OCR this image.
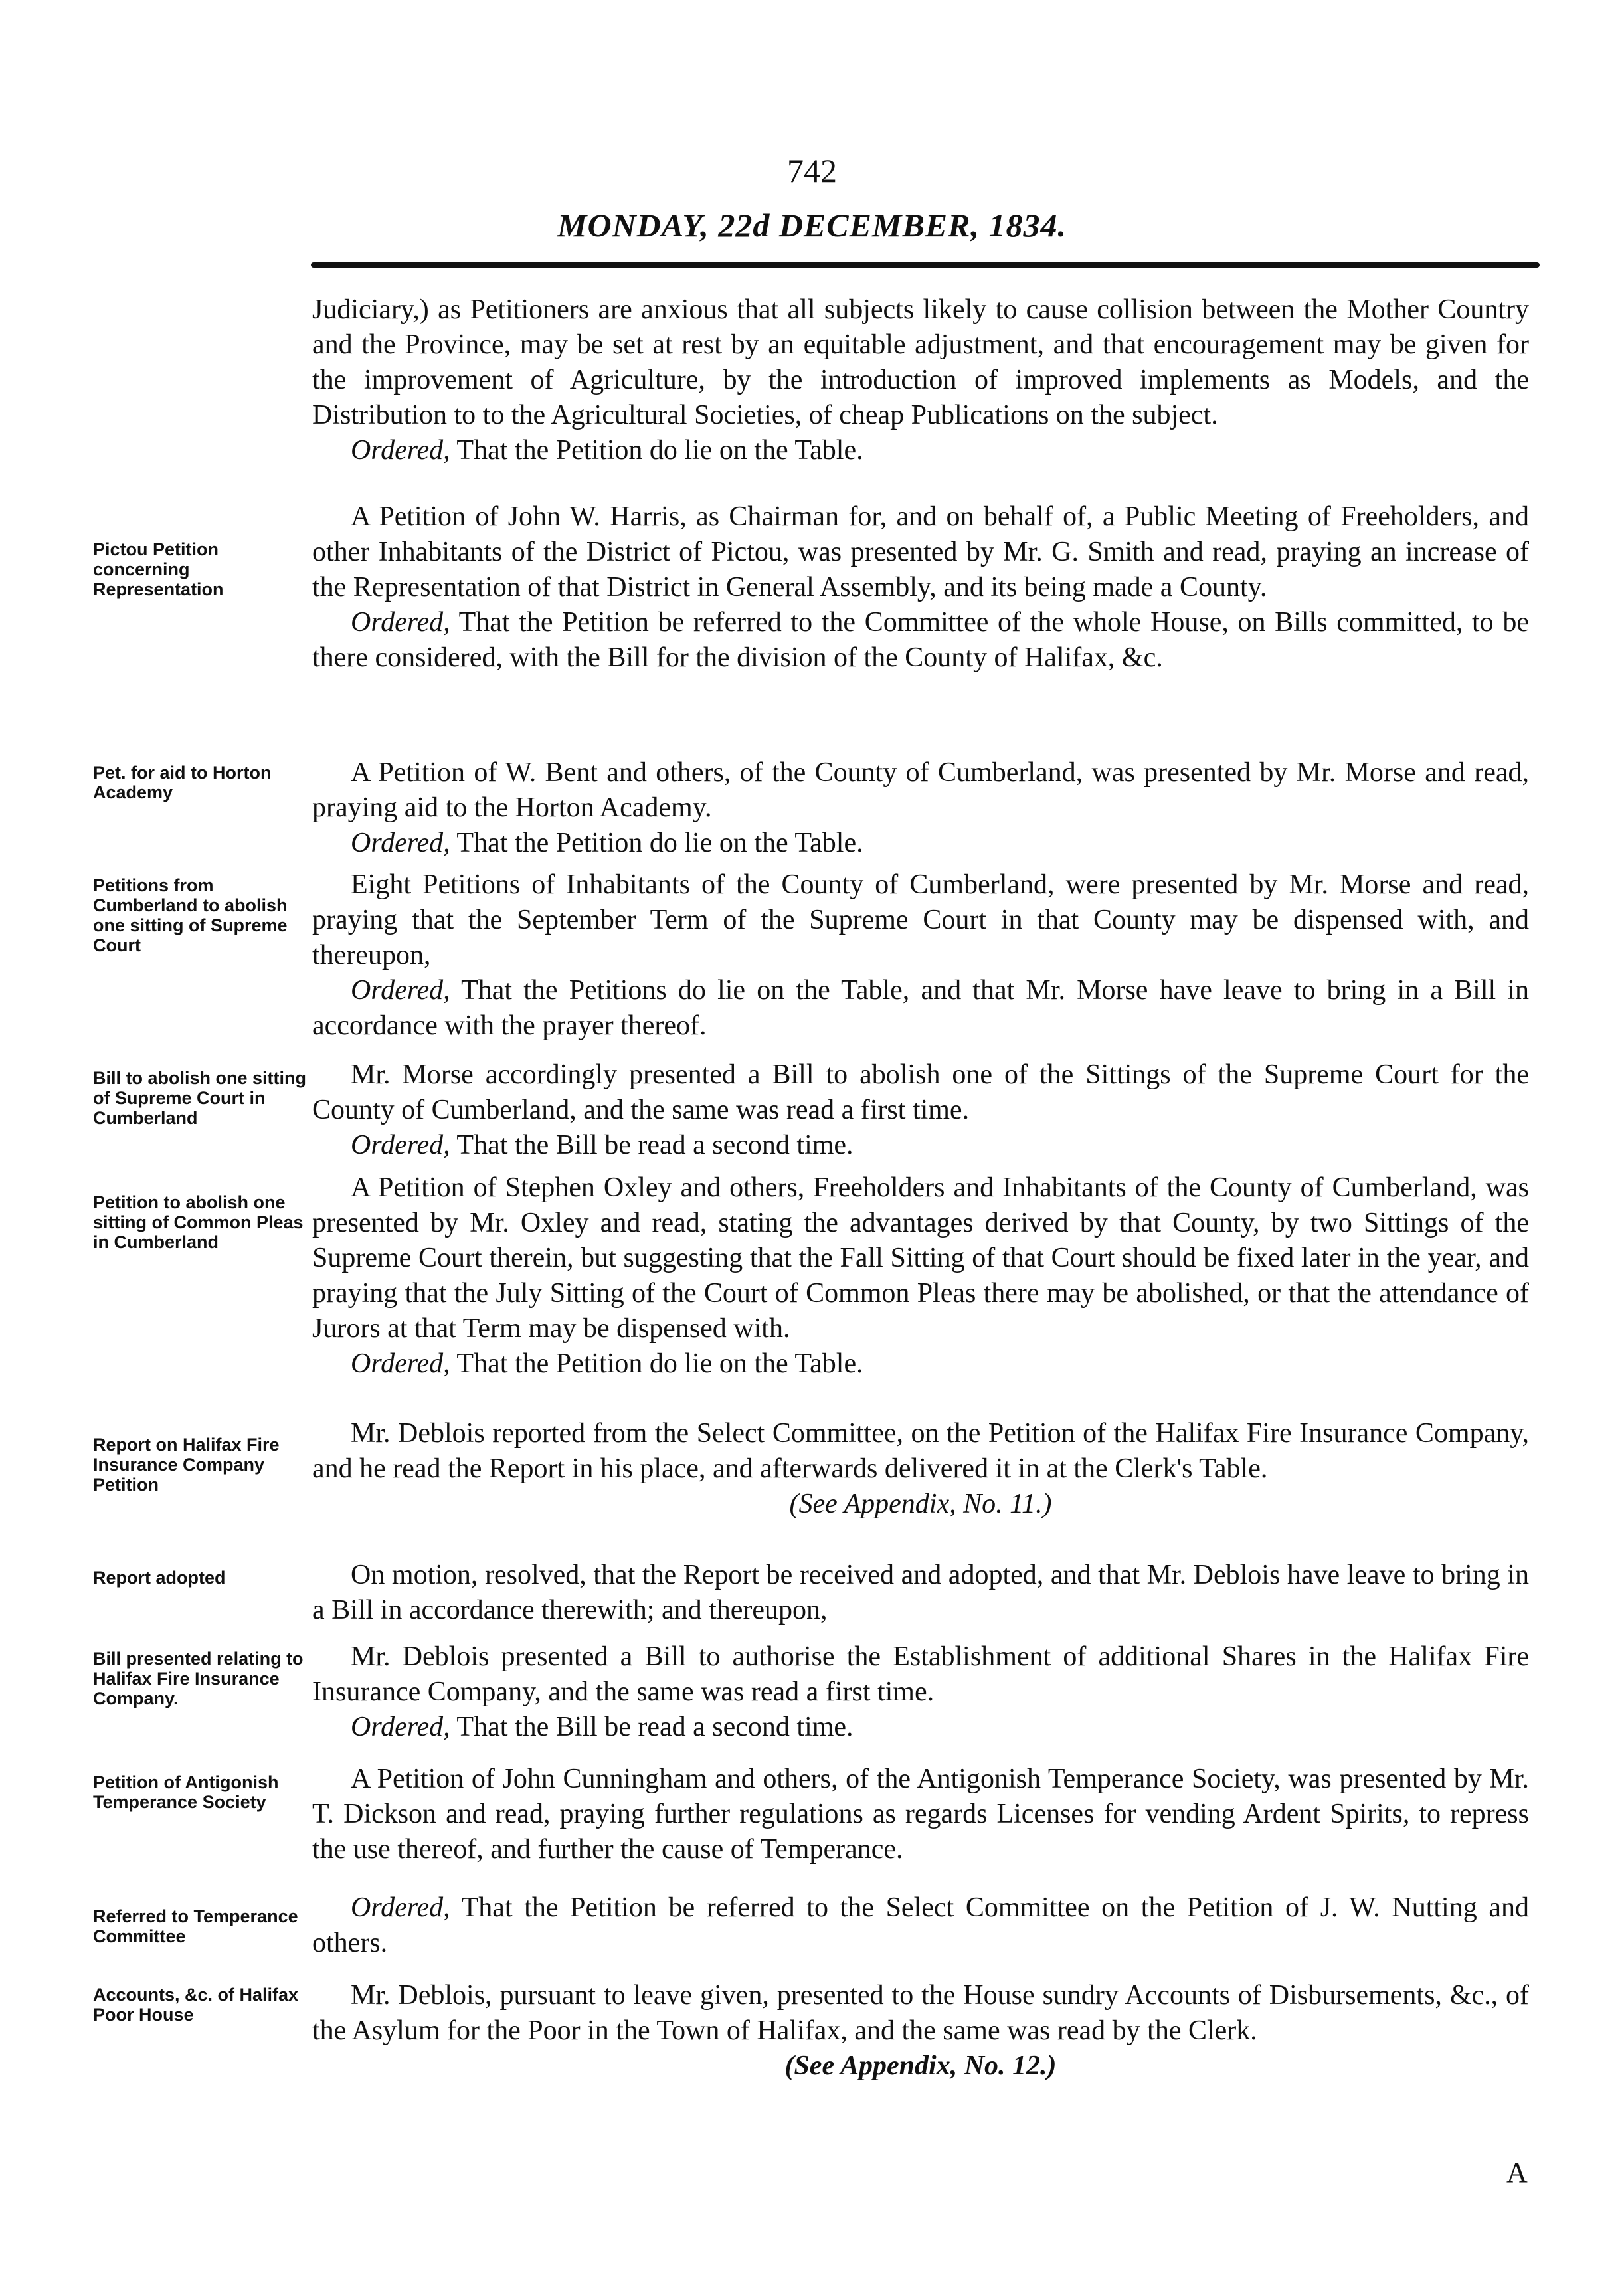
742
MONDAY, 22d DECEMBER, 1834.

Judiciary,) as Petitioners are anxious that all subjects likely to cause collision between the Mother Country and the Province, may be set at rest by an equitable adjustment, and that encouragement may be given for the improvement of Agriculture, by the introduction of improved implements as Models, and the Distribution to to the Agricultural Societies, of cheap Publications on the subject.

Ordered, That the Petition do lie on the Table.

Pictou Petition concerning Representation

A Petition of John W. Harris, as Chairman for, and on behalf of, a Public Meeting of Freeholders, and other Inhabitants of the District of Pictou, was presented by Mr. G. Smith and read, praying an increase of the Representation of that District in General Assembly, and its being made a County.

Ordered, That the Petition be referred to the Committee of the whole House, on Bills committed, to be there considered, with the Bill for the division of the County of Halifax, &c.

Pet. for aid to Horton Academy

A Petition of W. Bent and others, of the County of Cumberland, was presented by Mr. Morse and read, praying aid to the Horton Academy.

Ordered, That the Petition do lie on the Table.

Petitions from Cumberland to abolish one sitting of Supreme Court

Eight Petitions of Inhabitants of the County of Cumberland, were presented by Mr. Morse and read, praying that the September Term of the Supreme Court in that County may be dispensed with, and thereupon,

Ordered, That the Petitions do lie on the Table, and that Mr. Morse have leave to bring in a Bill in accordance with the prayer thereof.

Bill to abolish one sitting of Supreme Court in Cumberland

Mr. Morse accordingly presented a Bill to abolish one of the Sittings of the Supreme Court for the County of Cumberland, and the same was read a first time.

Ordered, That the Bill be read a second time.

Petition to abolish one sitting of Common Pleas in Cumberland

A Petition of Stephen Oxley and others, Freeholders and Inhabitants of the County of Cumberland, was presented by Mr. Oxley and read, stating the advantages derived by that County, by two Sittings of the Supreme Court therein, but suggesting that the Fall Sitting of that Court should be fixed later in the year, and praying that the July Sitting of the Court of Common Pleas there may be abolished, or that the attendance of Jurors at that Term may be dispensed with.

Ordered, That the Petition do lie on the Table.

Report on Halifax Fire Insurance Company Petition

Mr. Deblois reported from the Select Committee, on the Petition of the Halifax Fire Insurance Company, and he read the Report in his place, and afterwards delivered it in at the Clerk's Table.

(See Appendix, No. 11.)

Report adopted	On motion, resolved, that the Report be received and adopted, and that Mr. Deblois have leave to bring in a Bill in accordance therewith; and thereupon,

Bill presented relating to Halifax Fire Insurance Company.

Mr. Deblois presented a Bill to authorise the Establishment of additional Shares in the Halifax Fire Insurance Company, and the same was read a first time.

Ordered, That the Bill be read a second time.

Petition of Antigonish Temperance Society

A Petition of John Cunningham and others, of the Antigonish Temperance Society, was presented by Mr. T. Dickson and read, praying further regulations as regards Licenses for vending Ardent Spirits, to repress the use thereof, and further the cause of Temperance.

Referred to Temperance Committee

Ordered, That the Petition be referred to the Select Committee on the Petition of J. W. Nutting and others.

Accounts, &c. of Halifax Poor House

Mr. Deblois, pursuant to leave given, presented to the House sundry Accounts of Disbursements, &c., of the Asylum for the Poor in the Town of Halifax, and the same was read by the Clerk.

(See Appendix, No. 12.)

A
